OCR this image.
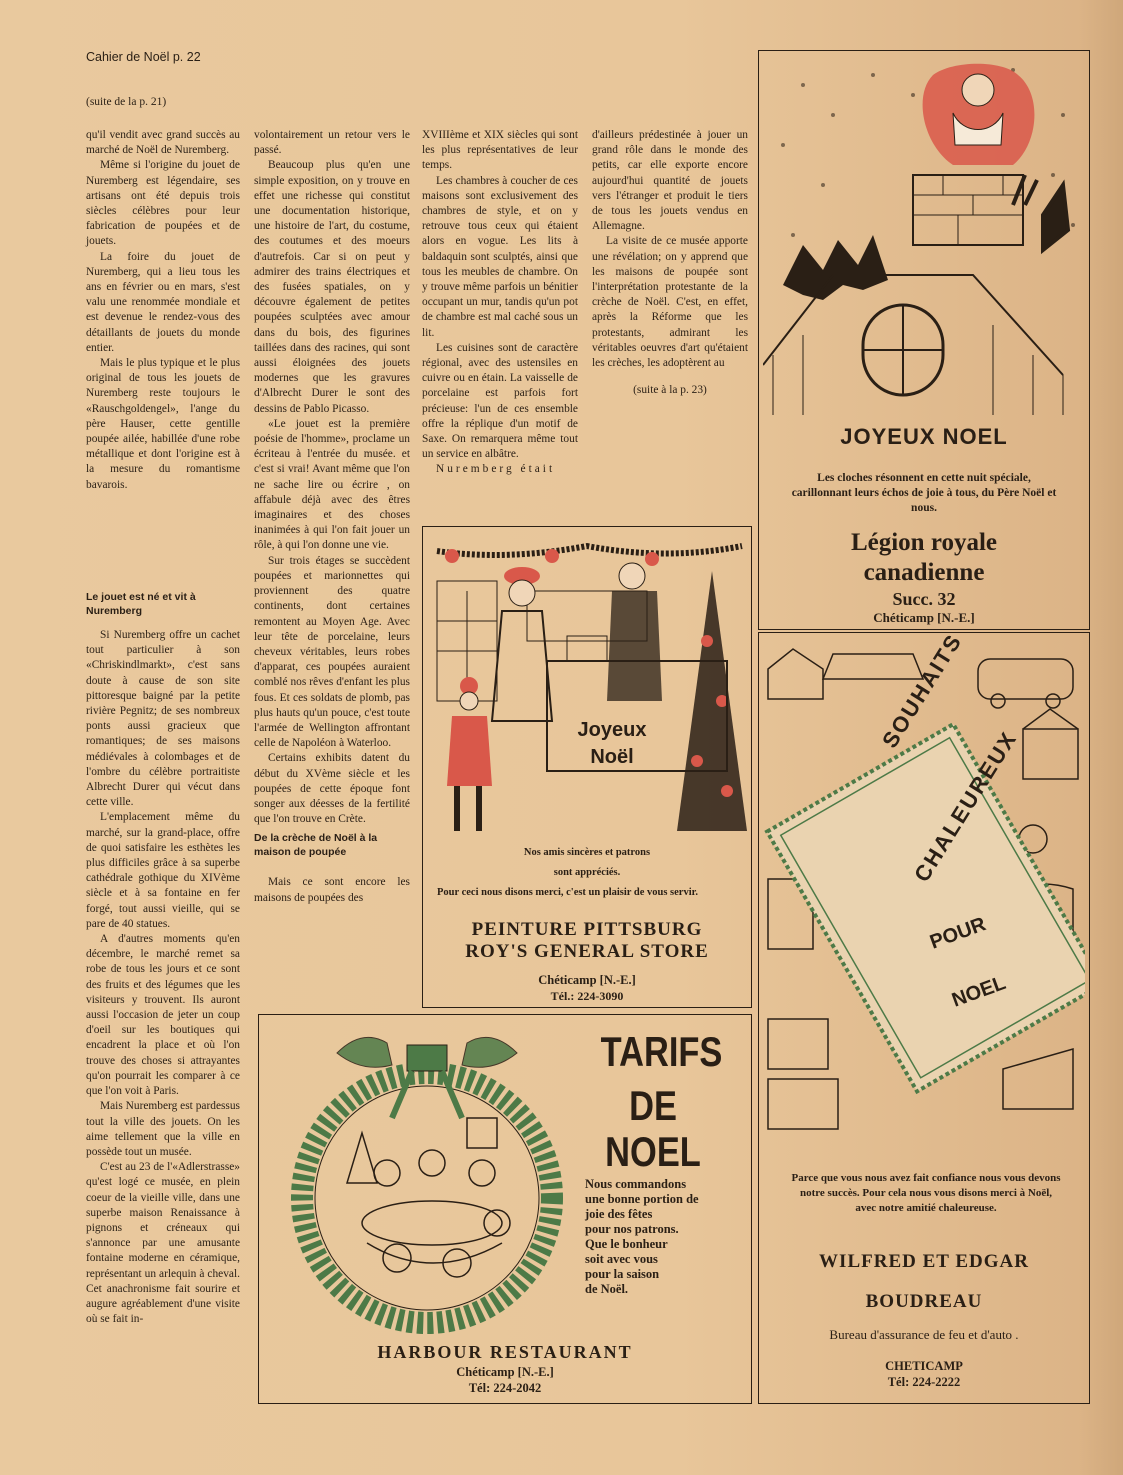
Cahier de Noël p. 22
(suite de la p. 21)

qu'il vendit avec grand succès au marché de Noël de Nuremberg.

Même si l'origine du jouet de Nuremberg est légendaire, ses artisans ont été depuis trois siècles célèbres pour leur fabrication de poupées et de jouets.

La foire du jouet de Nuremberg, qui a lieu tous les ans en février ou en mars, s'est valu une renommée mondiale et est devenue le rendez-vous des détaillants de jouets du monde entier.

Mais le plus typique et le plus original de tous les jouets de Nuremberg reste toujours le «Rauschgoldengel», l'ange du père Hauser, cette gentille poupée ailée, habillée d'une robe métallique et dont l'origine est à la mesure du romantisme bavarois.

Le jouet est né et vit à Nuremberg

Si Nuremberg offre un cachet tout particulier à son «Chriskindlmarkt», c'est sans doute à cause de son site pittoresque baigné par la petite rivière Pegnitz; de ses nombreux ponts aussi gracieux que romantiques; de ses maisons médiévales à colombages et de l'ombre du célèbre portraitiste Albrecht Durer qui vécut dans cette ville.

L'emplacement même du marché, sur la grand-place, offre de quoi satisfaire les esthètes les plus difficiles grâce à sa superbe cathédrale gothique du XIVème siècle et à sa fontaine en fer forgé, tout aussi vieille, qui se pare de 40 statues.

A d'autres moments qu'en décembre, le marché remet sa robe de tous les jours et ce sont des fruits et des légumes que les visiteurs y trouvent. Ils auront aussi l'occasion de jeter un coup d'oeil sur les boutiques qui encadrent la place et où l'on trouve des choses si attrayantes qu'on pourrait les comparer à ce que l'on voit à Paris.

Mais Nuremberg est pardessus tout la ville des jouets. On les aime tellement que la ville en possède tout un musée.

C'est au 23 de l'«Adlerstrasse» qu'est logé ce musée, en plein coeur de la vieille ville, dans une superbe maison Renaissance à pignons et créneaux qui s'annonce par une amusante fontaine moderne en céramique, représentant un arlequin à cheval. Cet anachronisme fait sourire et augure agréablement d'une visite où se fait in-

volontairement un retour vers le passé.

Beaucoup plus qu'en une simple exposition, on y trouve en effet une richesse qui constitut une documentation historique, une histoire de l'art, du costume, des coutumes et des moeurs d'autrefois. Car si on peut y admirer des trains électriques et des fusées spatiales, on y découvre également de petites poupées sculptées avec amour dans du bois, des figurines taillées dans des racines, qui sont aussi éloignées des jouets modernes que les gravures d'Albrecht Durer le sont des dessins de Pablo Picasso.

«Le jouet est la première poésie de l'homme», proclame un écriteau à l'entrée du musée. et c'est si vrai! Avant même que l'on ne sache lire ou écrire , on affabule déjà avec des êtres imaginaires et des choses inanimées à qui l'on fait jouer un rôle, à qui l'on donne une vie.

Sur trois étages se succèdent poupées et marionnettes qui proviennent des quatre continents, dont certaines remontent au Moyen Age. Avec leur tête de porcelaine, leurs cheveux véritables, leurs robes d'apparat, ces poupées auraient comblé nos rêves d'enfant les plus fous. Et ces soldats de plomb, pas plus hauts qu'un pouce, c'est toute l'armée de Wellington affrontant celle de Napoléon à Waterloo.

Certains exhibits datent du début du XVème siècle et les poupées de cette époque font songer aux déesses de la fertilité que l'on trouve en Crète.

De la crèche de Noël à la maison de poupée

Mais ce sont encore les maisons de poupées des

XVIIIème et XIX siècles qui sont les plus représentatives de leur temps.

Les chambres à coucher de ces maisons sont exclusivement des chambres de style, et on y retrouve tous ceux qui étaient alors en vogue. Les lits à baldaquin sont sculptés, ainsi que tous les meubles de chambre. On y trouve même parfois un bénitier occupant un mur, tandis qu'un pot de chambre est mal caché sous un lit.

Les cuisines sont de caractère régional, avec des ustensiles en cuivre ou en étain. La vaisselle de porcelaine est parfois fort précieuse: l'un de ces ensemble offre la réplique d'un motif de Saxe. On remarquera même tout un service en albâtre.

Nuremberg était

d'ailleurs prédestinée à jouer un grand rôle dans le monde des petits, car elle exporte encore aujourd'hui quantité de jouets vers l'étranger et produit le tiers de tous les jouets vendus en Allemagne.

La visite de ce musée apporte une révélation; on y apprend que les maisons de poupée sont l'interprétation protestante de la crèche de Noël. C'est, en effet, après la Réforme que les protestants, admirant les véritables oeuvres d'art qu'étaient les crèches, les adoptèrent au

(suite à la p. 23)

JOYEUX NOEL
Les cloches résonnent en cette nuit spéciale, carillonnant leurs échos de joie à tous, du Père Noël et nous.
Légion royale
canadienne
Succ. 32
Chéticamp [N.-E.]
Joyeux
Noël
Nos amis sincères et patrons
sont appréciés.
Pour ceci nous disons merci, c'est un plaisir de vous servir.
PEINTURE PITTSBURG
ROY'S GENERAL STORE
Chéticamp [N.-E.]
Tél.: 224-3090
SOUHAITS
CHALEUREUX
POUR
NOEL
Parce que vous nous avez fait confiance nous vous devons notre succès. Pour cela nous vous disons merci à Noël, avec notre amitié chaleureuse.
WILFRED ET EDGAR
BOUDREAU
Bureau d'assurance de feu et d'auto .
CHETICAMP
Tél: 224-2222
TARIFS
DE NOEL
Nous commandons
une bonne portion de
joie des fêtes
pour nos patrons.
Que le bonheur
soit avec vous
pour la saison
de Noël.
HARBOUR RESTAURANT
Chéticamp [N.-E.]
Tél: 224-2042
